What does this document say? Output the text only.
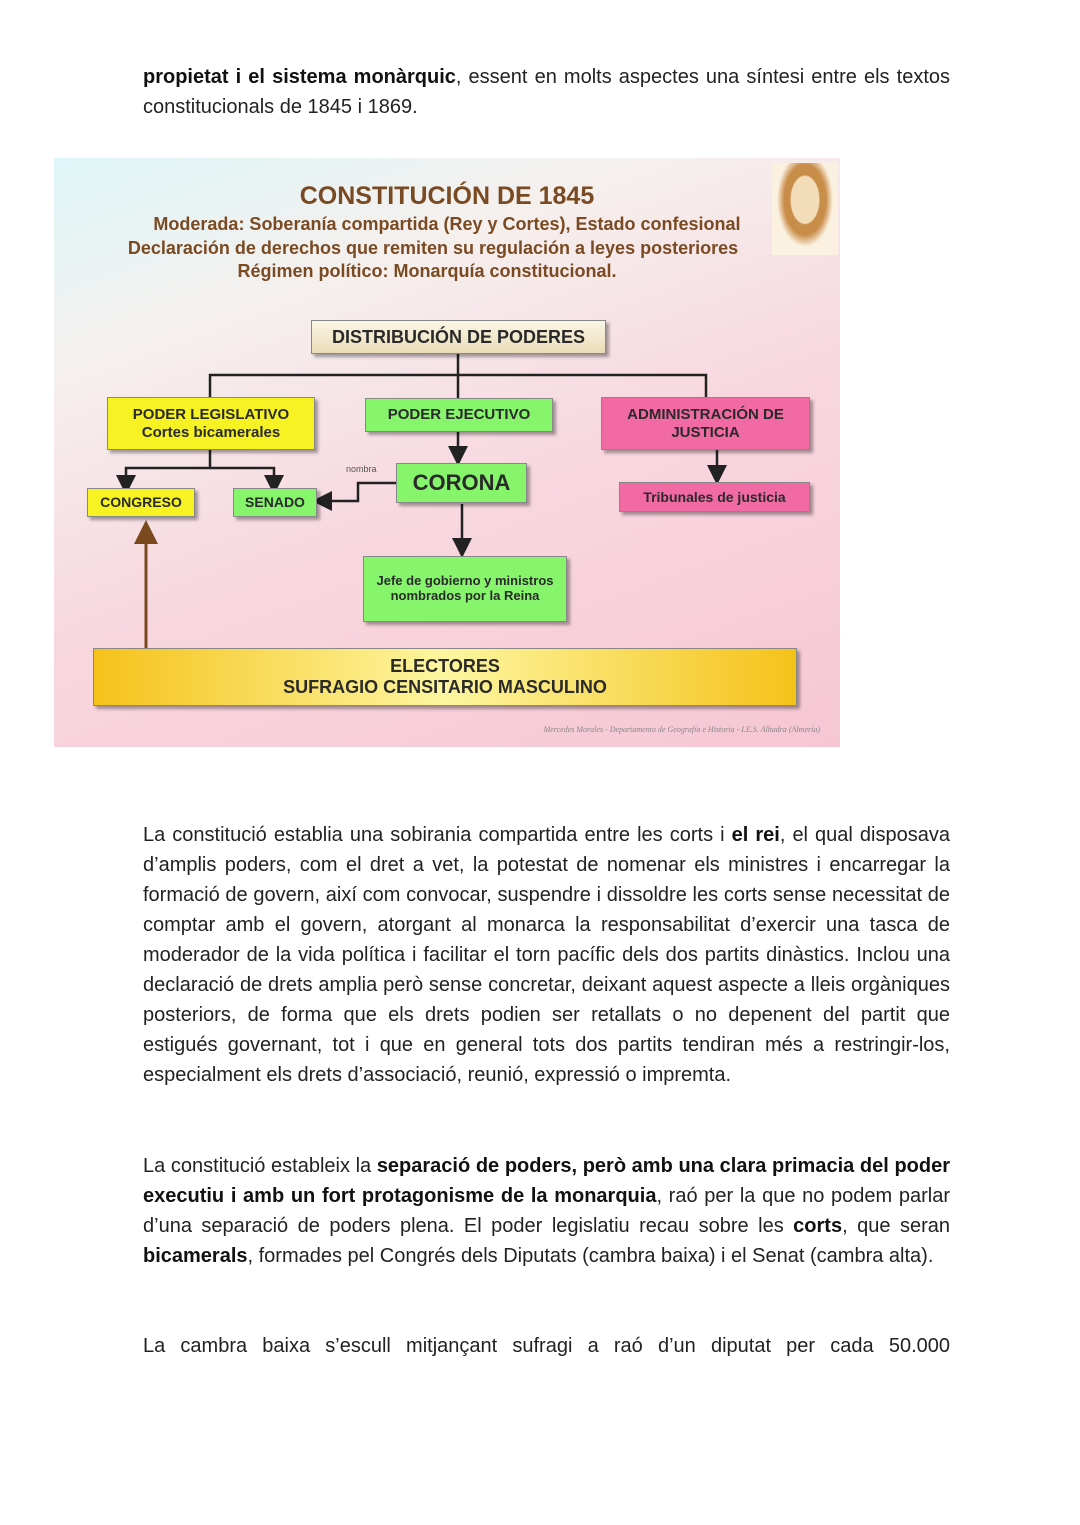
propietat i el sistema monàrquic, essent en molts aspectes una síntesi entre els textos constitucionals de 1845 i 1869.

CONSTITUCIÓN DE 1845
Moderada: Soberanía compartida (Rey y Cortes), Estado confesional
Declaración de derechos que remiten su regulación a leyes posteriores
Régimen político: Monarquía constitucional.
DISTRIBUCIÓN DE PODERES
PODER LEGISLATIVO
Cortes bicamerales
PODER EJECUTIVO	ADMINISTRACIÓN DE JUSTICIA
CONGRESO	SENADO
nombra
CORONA
Tribunales de justicia
Jefe de gobierno y ministros nombrados por la Reina
ELECTORES
SUFRAGIO CENSITARIO MASCULINO
Mercedes Morales - Departamento de Geografía e Historia - I.E.S. Alhadra (Almería)

La constitució establia una sobirania compartida entre les corts i el rei, el qual disposava d’amplis poders, com el dret a vet, la potestat de nomenar els ministres i encarregar la formació de govern, així com convocar, suspendre i dissoldre les corts sense necessitat de comptar amb el govern, atorgant al monarca la responsabilitat d’exercir una tasca de moderador de la vida política i facilitar el torn pacífic dels dos partits dinàstics. Inclou una declaració de drets amplia però sense concretar, deixant aquest aspecte a lleis orgàniques posteriors, de forma que els drets podien ser retallats o no depenent del partit que estigués governant, tot i que en general tots dos partits tendiran més a restringir-los, especialment els drets d’associació, reunió, expressió o impremta.

La constitució estableix la separació de poders, però amb una clara primacia del poder executiu i amb un fort protagonisme de la monarquia, raó per la que no podem parlar d’una separació de poders plena. El poder legislatiu recau sobre les corts, que seran bicamerals, formades pel Congrés dels Diputats (cambra baixa) i el Senat (cambra alta).

La cambra baixa s’escull mitjançant sufragi a raó d’un diputat per cada 50.000
